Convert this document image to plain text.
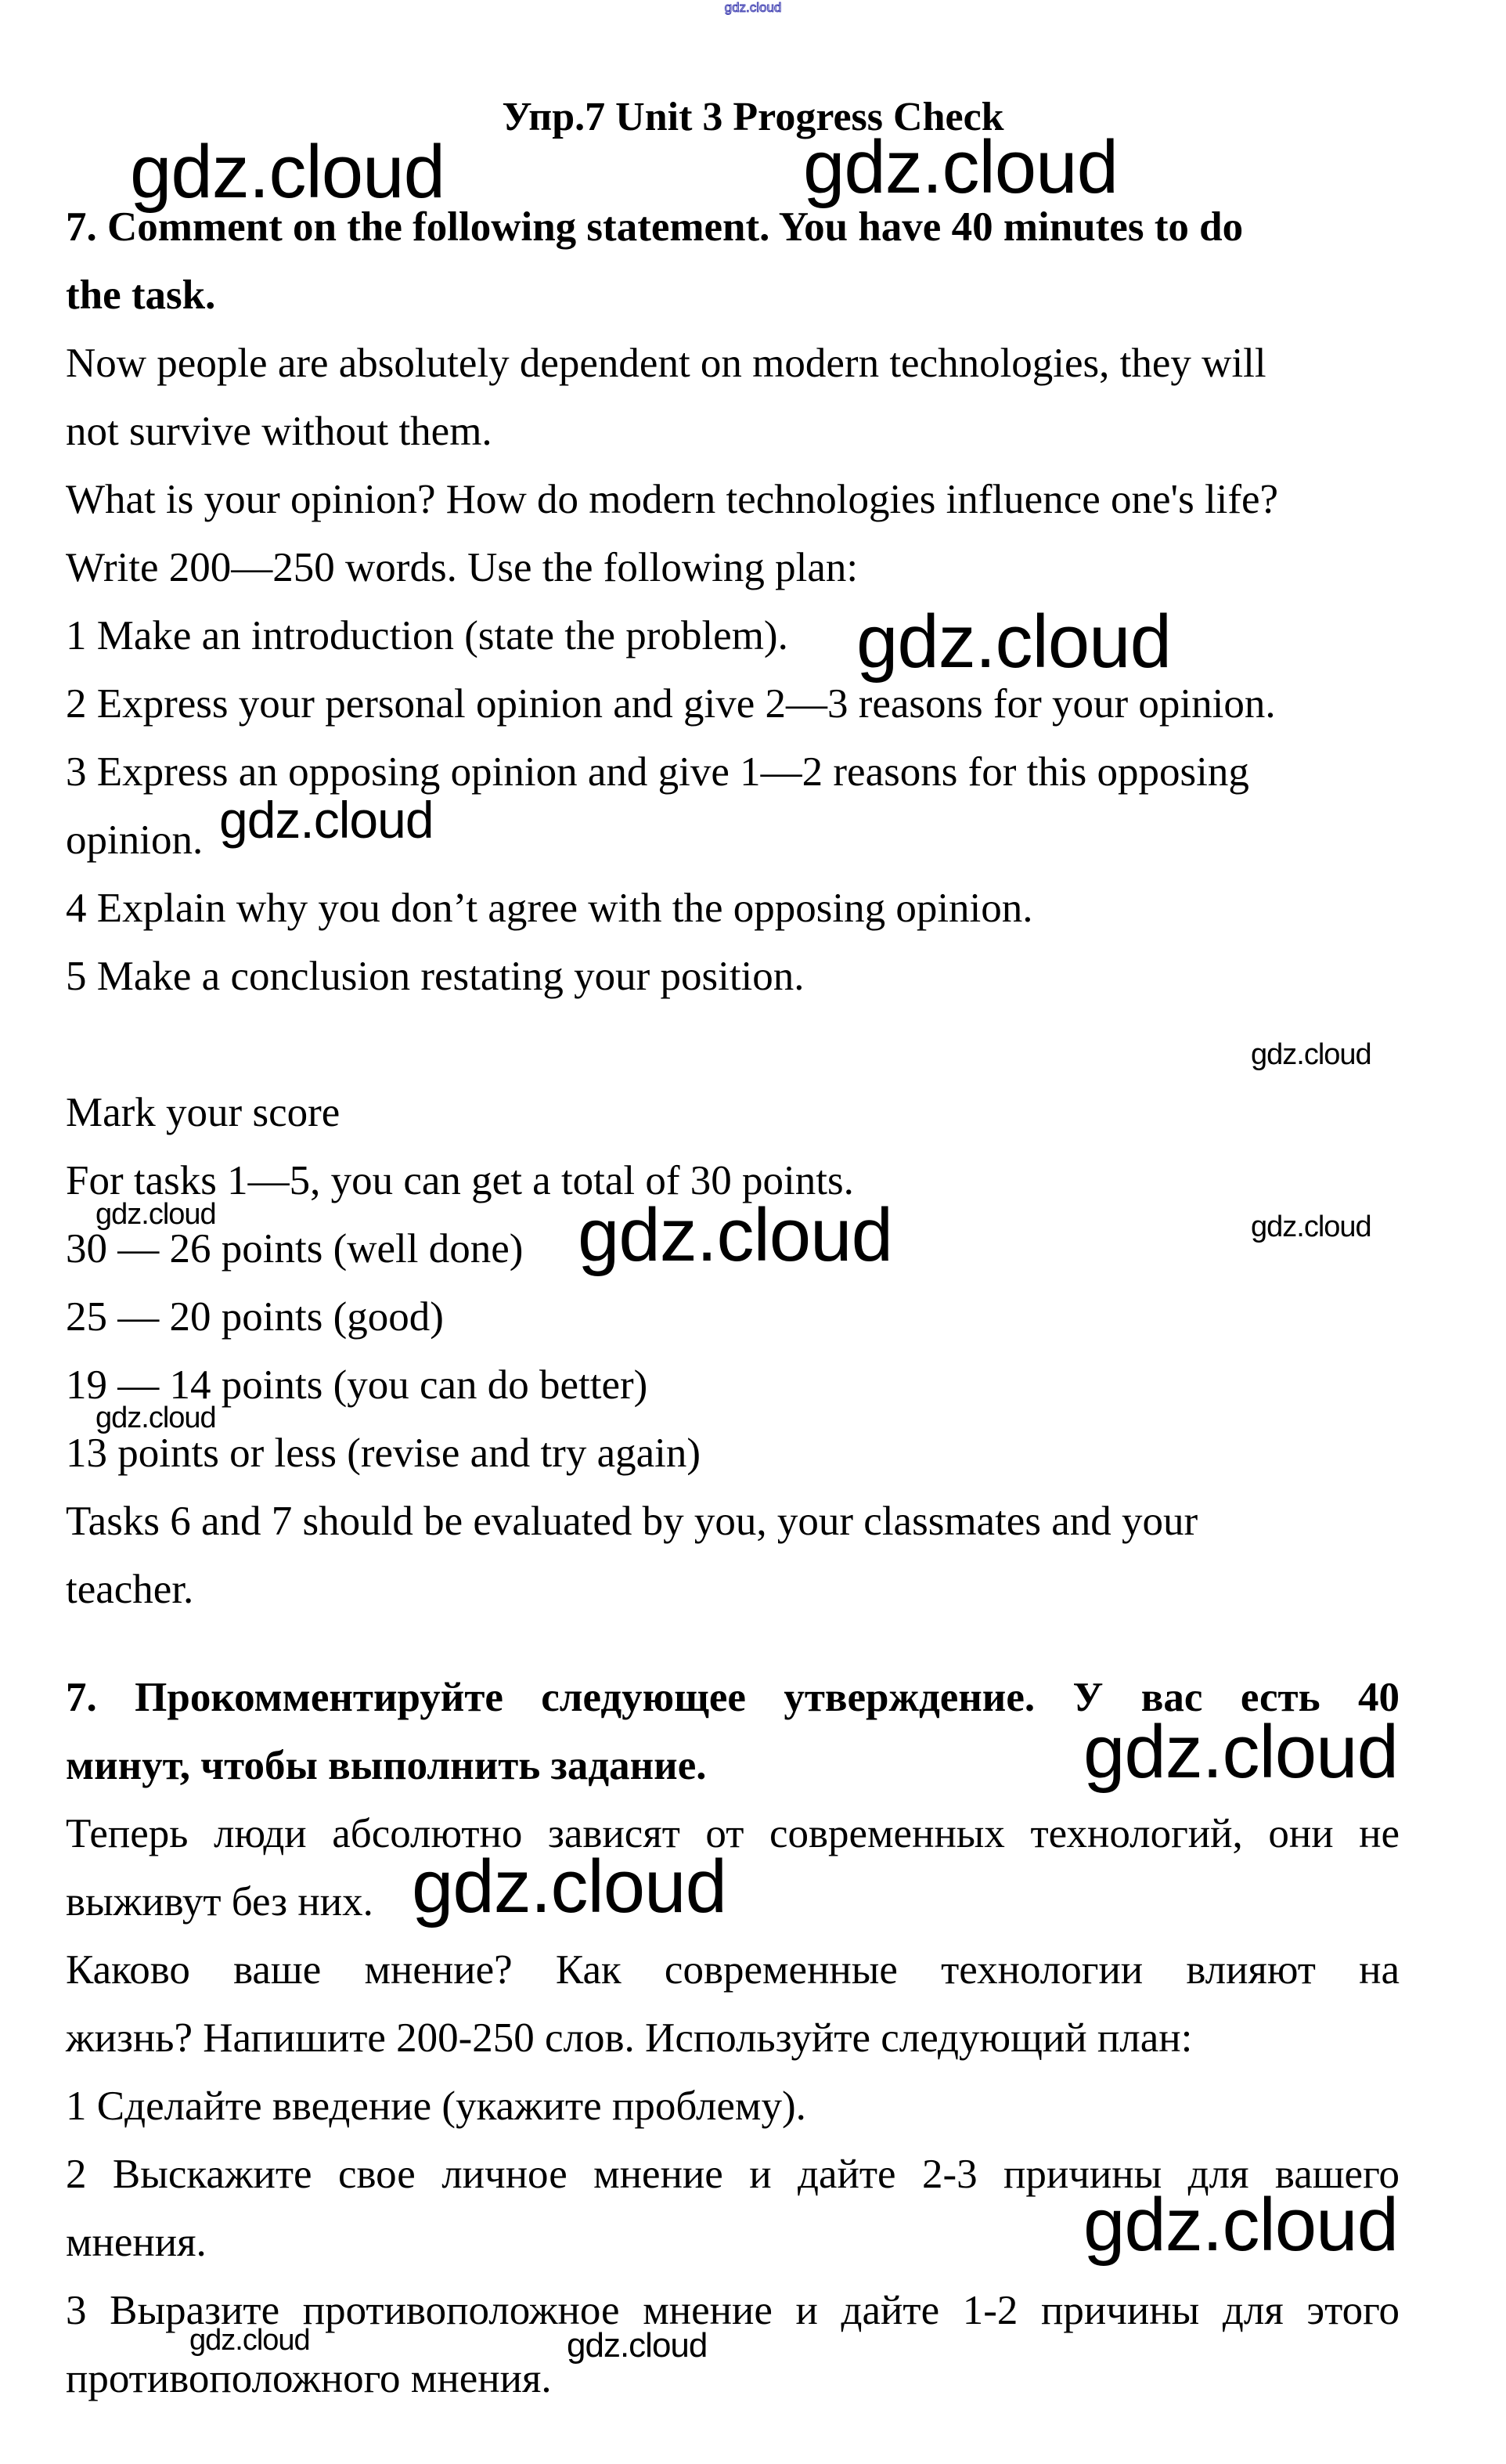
gdz.cloud
Упр.7 Unit 3 Progress Check

7. Comment on the following statement. You have 40 minutes to do

the task.

Now people are absolutely dependent on modern technologies, they will

not survive without them.

What is your opinion? How do modern technologies influence one's life?

Write 200—250 words. Use the following plan:

1 Make an introduction (state the problem).
2 Express your personal opinion and give 2—3 reasons for your opinion.
3 Express an opposing opinion and give 1—2 reasons for this opposing
opinion.
4 Explain why you don’t agree with the opposing opinion.
5 Make a conclusion restating your position.

Mark your score

For tasks 1—5, you can get a total of 30 points.

30 — 26 points (well done)
25 — 20 points (good)
19 — 14 points (you can do better)
13 points or less (revise and try again)

Tasks 6 and 7 should be evaluated by you, your classmates and your

teacher.

7. Прокомментируйте следующее утверждение. У вас есть 40

минут, чтобы выполнить задание.

Теперь люди абсолютно зависят от современных технологий, они не

выживут без них.

Каково ваше мнение? Как современные технологии влияют на

жизнь? Напишите 200-250 слов. Используйте следующий план:

1 Сделайте введение (укажите проблему).
2 Выскажите свое личное мнение и дайте 2-3 причины для вашего
мнения.
3 Выразите противоположное мнение и дайте 1-2 причины для этого
противоположного мнения.
gdz.cloud	gdz.cloud
gdz.cloud
gdz.cloud
gdz.cloud
gdz.cloud	gdz.cloud
gdz.cloud
gdz.cloud
gdz.cloud
gdz.cloud
gdz.cloud
gdz.cloud	gdz.cloud
